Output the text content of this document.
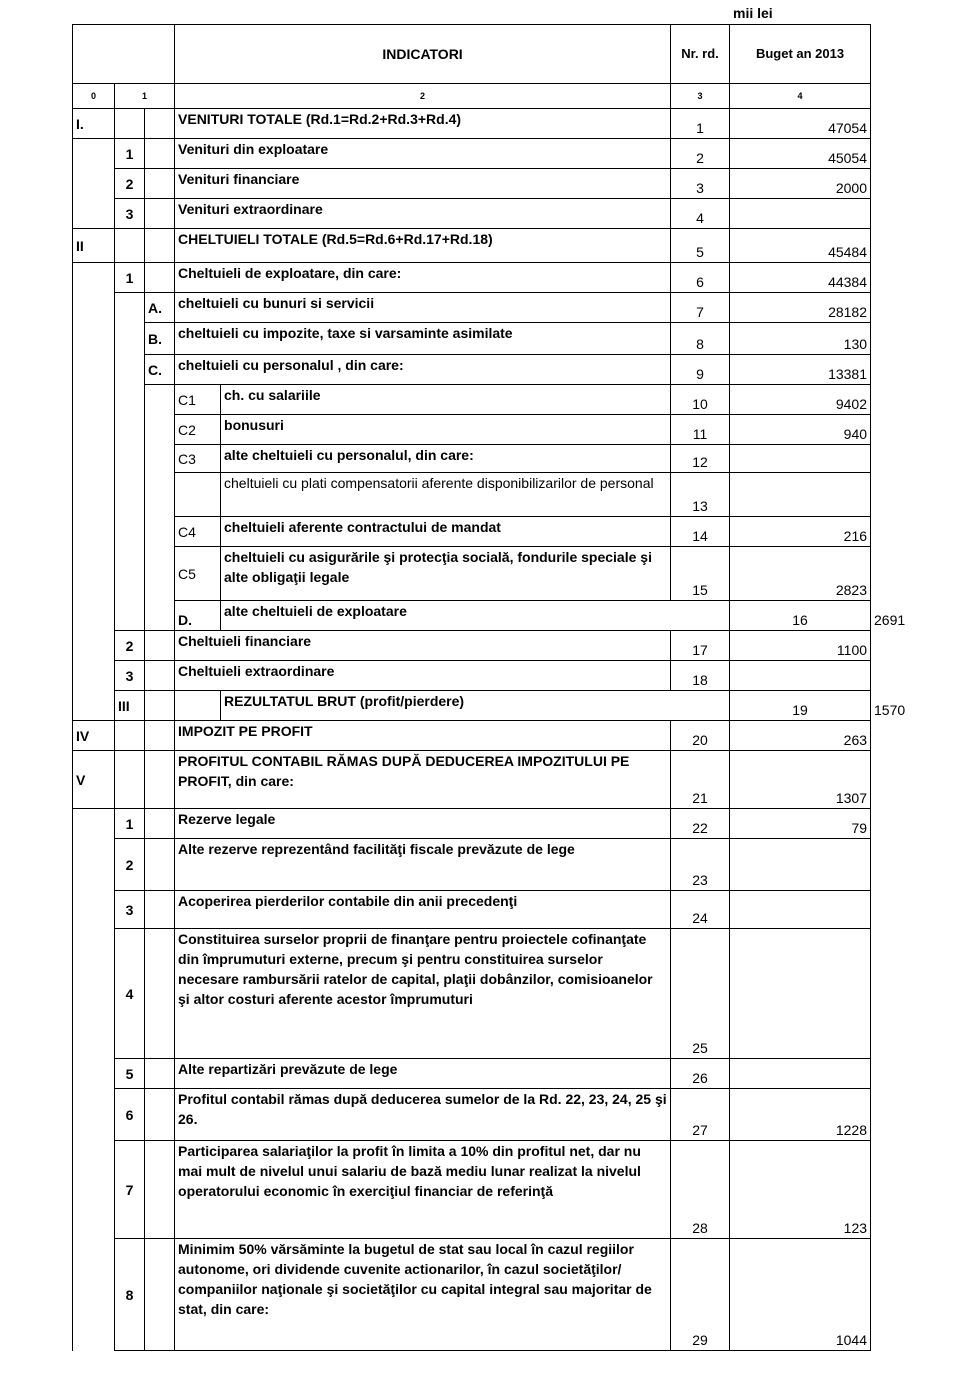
mii lei
			INDICATORI		Nr. rd.	Buget an 2013	
0	1		2		3	4	
I.			VENITURI TOTALE (Rd.1=Rd.2+Rd.3+Rd.4)		1	47054	
	1		Venituri din exploatare		2	45054	
	2		Venituri financiare		3	2000	
	3		Venituri extraordinare		4		
II			CHELTUIELI TOTALE (Rd.5=Rd.6+Rd.17+Rd.18)		5	45484	
	1		Cheltuieli de exploatare, din care:		6	44384	
		A.	cheltuieli cu bunuri si servicii		7	28182	
		B.	cheltuieli cu impozite, taxe si varsaminte asimilate		8	130	
		C.	cheltuieli cu personalul , din care:		9	13381	
			C1	ch. cu salariile	10	9402	
			C2	bonusuri	11	940	
			C3	alte cheltuieli cu personalul, din care:	12		
				cheltuieli cu plati compensatorii aferente disponibilizarilor de personal	13		
			C4	cheltuieli aferente contractului de mandat	14	216	
			C5	cheltuieli cu asigurările şi protecţia socială, fondurile speciale şi alte obligaţii legale	15	2823	
			D.	alte cheltuieli de exploatare		16	2691
	2		Cheltuieli financiare		17	1100	
	3		Cheltuieli extraordinare		18		
	III			REZULTATUL BRUT (profit/pierdere)		19	1570
IV			IMPOZIT PE PROFIT		20	263	
V			PROFITUL CONTABIL RĂMAS DUPĂ DEDUCEREA IMPOZITULUI PE PROFIT, din care:		21	1307	
	1		Rezerve legale		22	79	
	2		Alte rezerve reprezentând facilităţi fiscale prevăzute de lege		23		
	3		Acoperirea pierderilor contabile din anii precedenţi		24		
	4		Constituirea surselor proprii de finanţare pentru proiectele cofinanţate din împrumuturi externe, precum şi pentru constituirea surselor necesare rambursării ratelor de capital, plaţii dobânzilor, comisioanelor şi altor costuri aferente acestor împrumuturi		25		
	5		Alte repartizări prevăzute de lege		26		
	6		Profitul contabil rămas după deducerea sumelor de la Rd. 22, 23, 24, 25 şi 26.		27	1228	
	7		Participarea salariaţilor la profit în limita a 10% din profitul net, dar nu mai mult de nivelul unui salariu de bază mediu lunar realizat la nivelul operatorului economic în exerciţiul financiar de referinţă		28	123	
	8		Minimim 50% vărsăminte la bugetul de stat sau local în cazul regiilor autonome, ori dividende cuvenite actionarilor, în cazul societăţilor/ companiilor naţionale şi societăţilor cu capital integral sau majoritar de stat, din care:		29	1044	
